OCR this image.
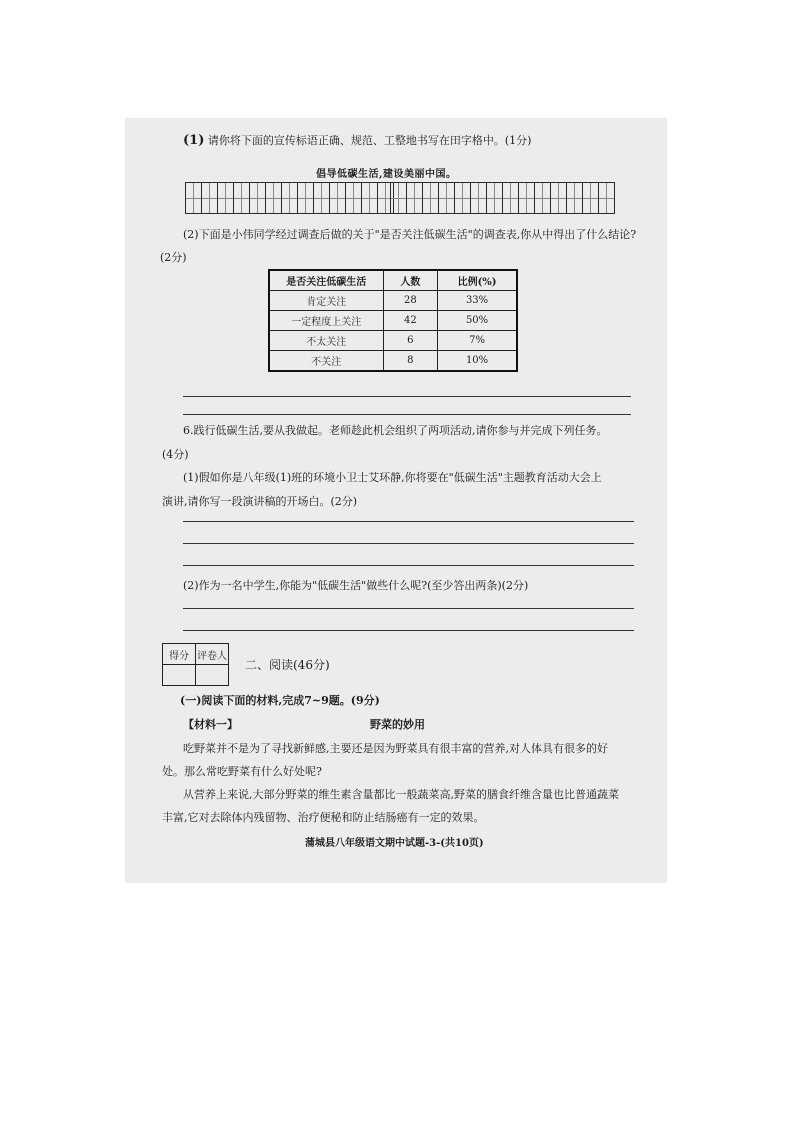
(1) 请你将下面的宣传标语正确、规范、工整地书写在田字格中。(1分)
倡导低碳生活,建设美丽中国。
(2)下面是小伟同学经过调查后做的关于"是否关注低碳生活"的调查表,你从中得出了什么结论?
(2分)
是否关注低碳生活	人数	比例(%)
肯定关注	28	33%
一定程度上关注	42	50%
不太关注	6	7%
不关注	8	10%
6.践行低碳生活,要从我做起。老师趁此机会组织了两项活动,请你参与并完成下列任务。
(4分)
(1)假如你是八年级(1)班的环境小卫士艾环静,你将要在"低碳生活"主题教育活动大会上
演讲,请你写一段演讲稿的开场白。(2分)
(2)作为一名中学生,你能为"低碳生活"做些什么呢?(至少答出两条)(2分)
得分	评卷人

二、阅读(46分)
(一)阅读下面的材料,完成7~9题。(9分)
【材料一】	野菜的妙用
吃野菜并不是为了寻找新鲜感,主要还是因为野菜具有很丰富的营养,对人体具有很多的好
处。那么常吃野菜有什么好处呢?
从营养上来说,大部分野菜的维生素含量都比一般蔬菜高,野菜的膳食纤维含量也比普通蔬菜
丰富,它对去除体内残留物、治疗便秘和防止结肠癌有一定的效果。
蒲城县八年级语文期中试题-3-(共10页)
